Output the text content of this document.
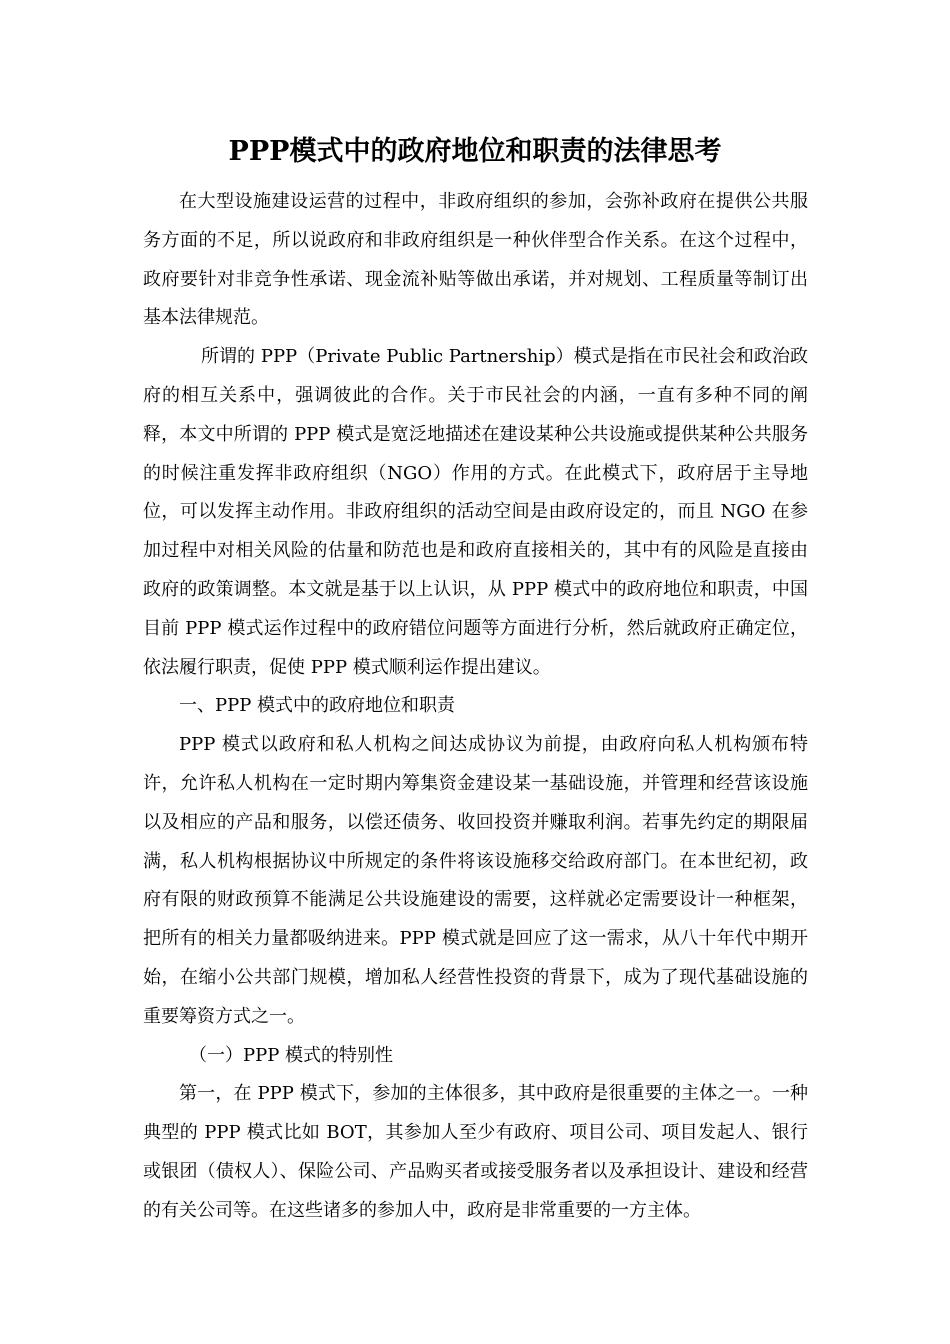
PPP模式中的政府地位和职责的法律思考

在大型设施建设运营的过程中，非政府组织的参加，会弥补政府在提供公共服务方面的不足，所以说政府和非政府组织是一种伙伴型合作关系。在这个过程中，政府要针对非竞争性承诺、现金流补贴等做出承诺，并对规划、工程质量等制订出基本法律规范。

所谓的 PPP（Private Public Partnership）模式是指在市民社会和政治政府的相互关系中，强调彼此的合作。关于市民社会的内涵，一直有多种不同的阐释，本文中所谓的 PPP 模式是宽泛地描述在建设某种公共设施或提供某种公共服务的时候注重发挥非政府组织（NGO）作用的方式。在此模式下，政府居于主导地位，可以发挥主动作用。非政府组织的活动空间是由政府设定的，而且 NGO 在参加过程中对相关风险的估量和防范也是和政府直接相关的，其中有的风险是直接由政府的政策调整。本文就是基于以上认识，从 PPP 模式中的政府地位和职责，中国目前 PPP 模式运作过程中的政府错位问题等方面进行分析，然后就政府正确定位，依法履行职责，促使 PPP 模式顺利运作提出建议。

一、PPP 模式中的政府地位和职责

PPP 模式以政府和私人机构之间达成协议为前提，由政府向私人机构颁布特许，允许私人机构在一定时期内筹集资金建设某一基础设施，并管理和经营该设施以及相应的产品和服务，以偿还债务、收回投资并赚取利润。若事先约定的期限届满，私人机构根据协议中所规定的条件将该设施移交给政府部门。在本世纪初，政府有限的财政预算不能满足公共设施建设的需要，这样就必定需要设计一种框架，把所有的相关力量都吸纳进来。PPP 模式就是回应了这一需求，从八十年代中期开始，在缩小公共部门规模，增加私人经营性投资的背景下，成为了现代基础设施的重要筹资方式之一。

（一）PPP 模式的特别性

第一，在 PPP 模式下，参加的主体很多，其中政府是很重要的主体之一。一种典型的 PPP 模式比如 BOT，其参加人至少有政府、项目公司、项目发起人、银行或银团（债权人）、保险公司、产品购买者或接受服务者以及承担设计、建设和经营的有关公司等。在这些诸多的参加人中，政府是非常重要的一方主体。
